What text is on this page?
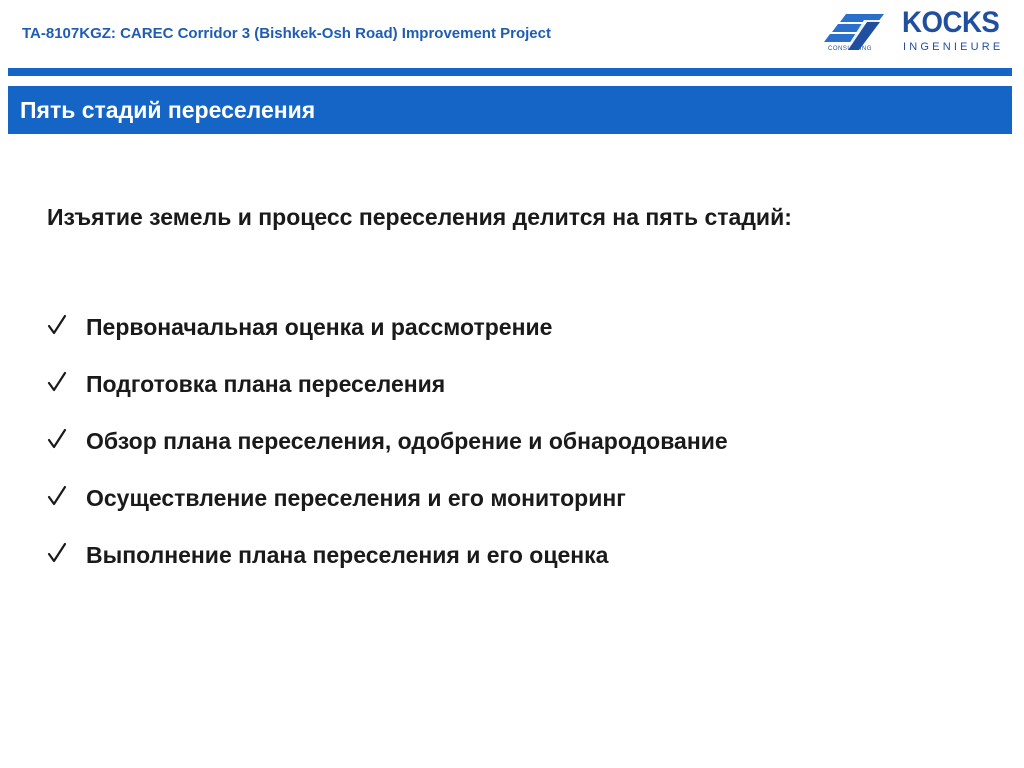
TA-8107KGZ: CAREC Corridor 3 (Bishkek-Osh Road) Improvement Project
CONSULTING
KOCKS
INGENIEURE
Пять стадий переселения
Изъятие земель и процесс переселения делится на пять стадий:
Первоначальная оценка и рассмотрение
Подготовка плана переселения
Обзор плана переселения, одобрение и обнародование
Осуществление переселения и его мониторинг
Выполнение плана переселения и его оценка
